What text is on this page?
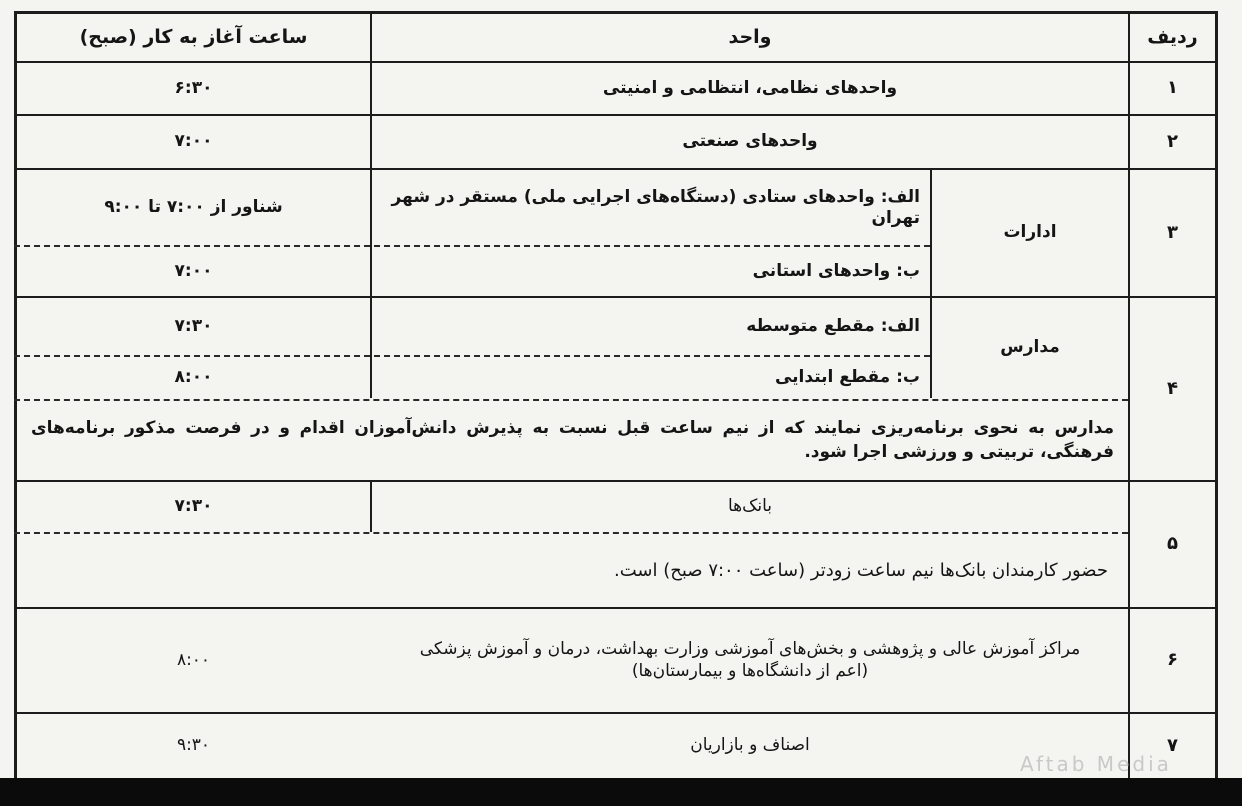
ردیف
واحد
ساعت آغاز به کار (صبح)
۱
واحدهای نظامی، انتظامی و امنیتی
۶:۳۰
۲
واحدهای صنعتی
۷:۰۰
۳
ادارات
الف: واحدهای ستادی (دستگاه‌های اجرایی ملی) مستقر در شهر تهران
شناور از ۷:۰۰ تا ۹:۰۰
ب: واحدهای استانی
۷:۰۰
۴
مدارس
الف: مقطع متوسطه
۷:۳۰
ب: مقطع ابتدایی
۸:۰۰
مدارس به نحوی برنامه‌ریزی نمایند که از نیم ساعت قبل نسبت به پذیرش دانش‌آموزان اقدام و در فرصت مذکور برنامه‌های فرهنگی، تربیتی و ورزشی اجرا شود.
۵
بانک‌ها
۷:۳۰
حضور کارمندان بانک‌ها نیم ساعت زودتر (ساعت ۷:۰۰ صبح) است.
۶
مراکز آموزش عالی و پژوهشی و بخش‌های آموزشی وزارت بهداشت، درمان و آموزش پزشکی (اعم از دانشگاه‌ها و بیمارستان‌ها)
۸:۰۰
۷
اصناف و بازاریان
۹:۳۰
Aftab Media
